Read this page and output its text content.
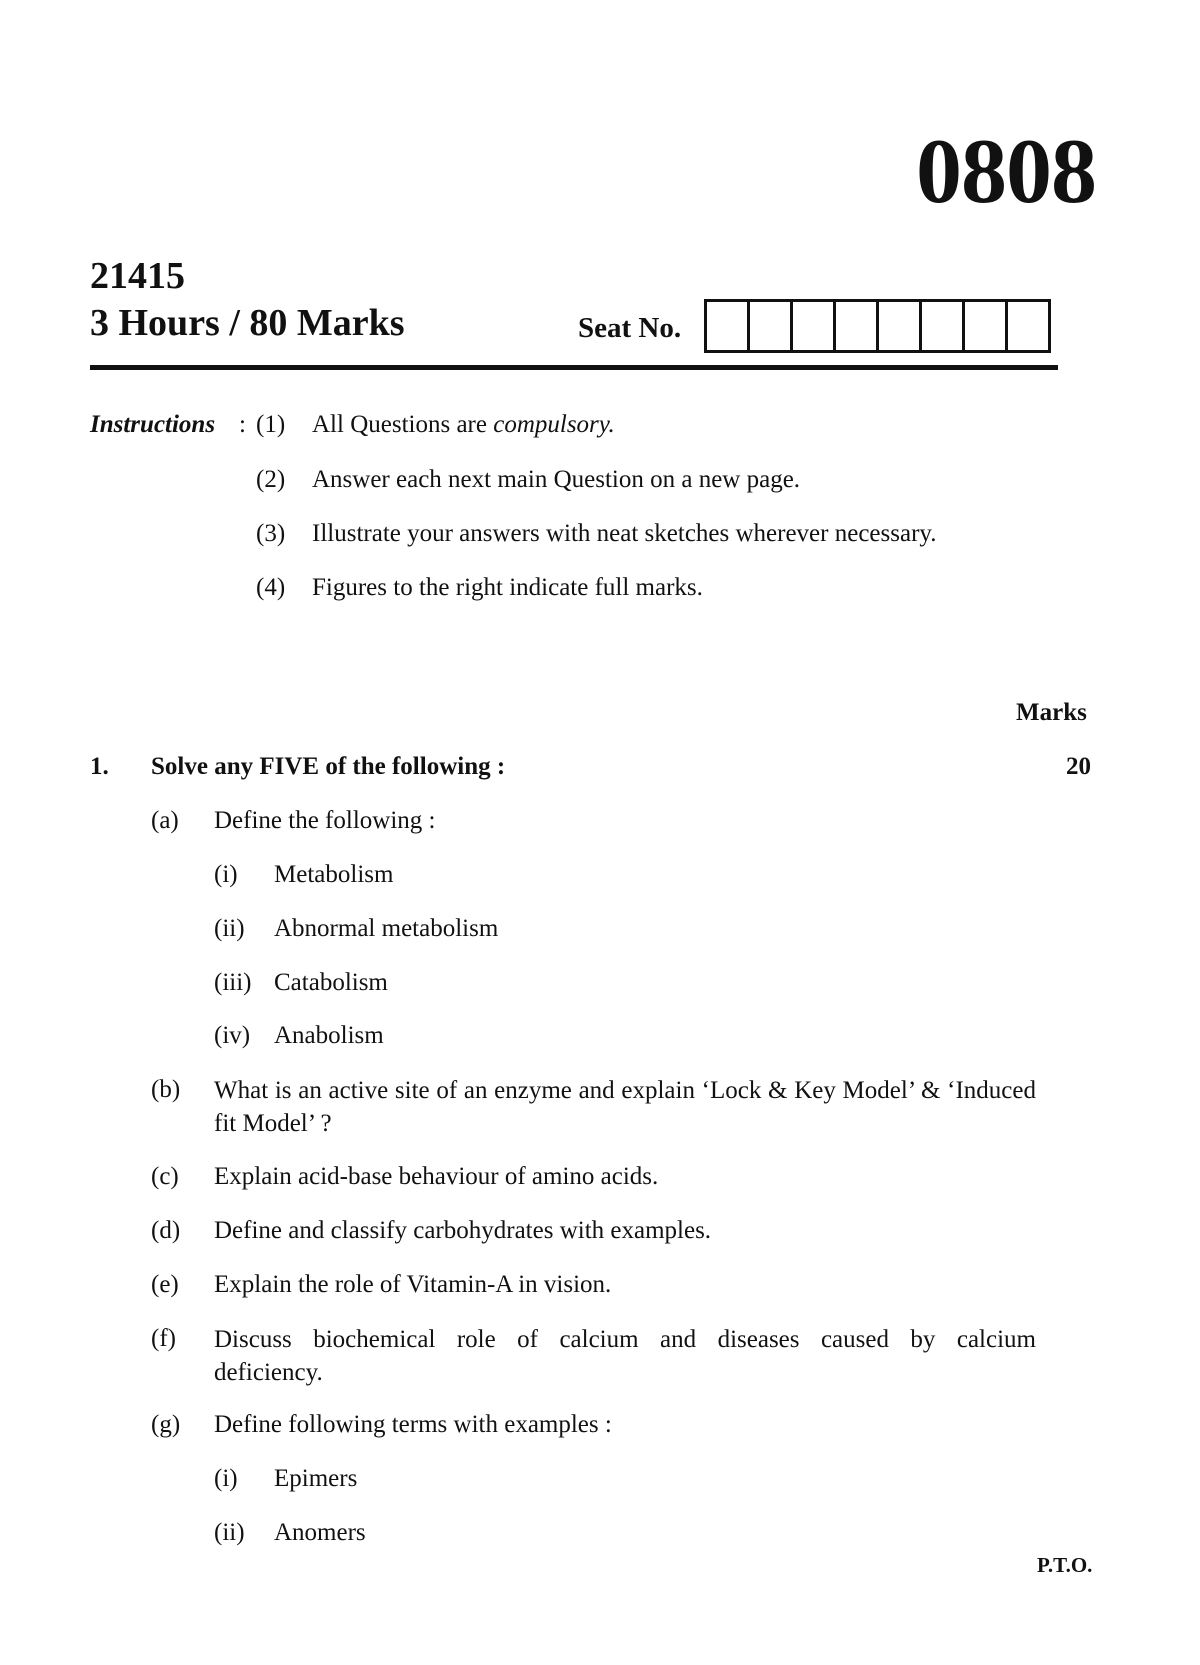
0808
21415
3 Hours / 80 Marks	Seat No.
Instructions : (1) All Questions are compulsory.
(2) Answer each next main Question on a new page.
(3) Illustrate your answers with neat sketches wherever necessary.
(4) Figures to the right indicate full marks.
Marks
1. Solve any FIVE of the following :	20
(a) Define the following :
(i) Metabolism
(ii) Abnormal metabolism
(iii) Catabolism
(iv) Anabolism
(b) What is an active site of an enzyme and explain ‘Lock & Key Model’ & ‘Induced fit Model’ ?
(c) Explain acid-base behaviour of amino acids.
(d) Define and classify carbohydrates with examples.
(e) Explain the role of Vitamin-A in vision.
(f) Discuss biochemical role of calcium and diseases caused by calcium deficiency.
(g) Define following terms with examples :
(i) Epimers
(ii) Anomers
P.T.O.
